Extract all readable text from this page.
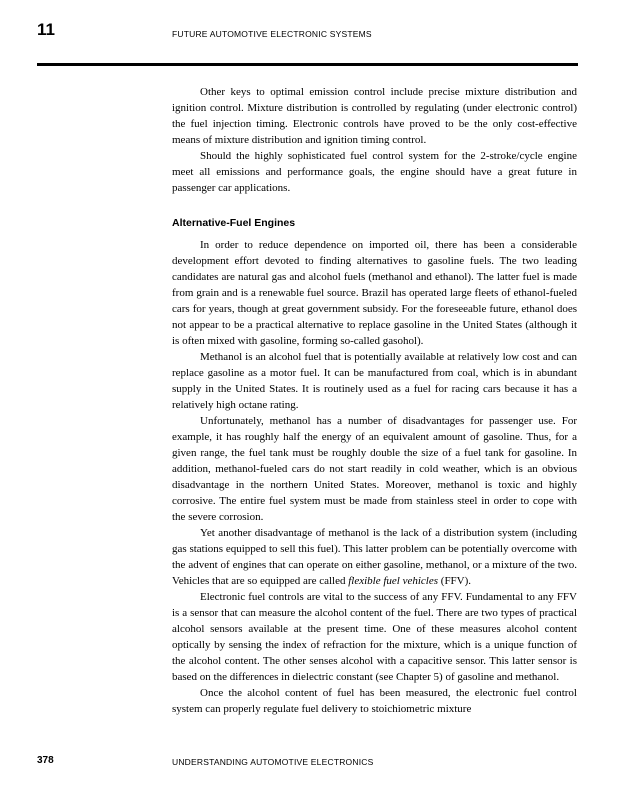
11	FUTURE AUTOMOTIVE ELECTRONIC SYSTEMS

Other keys to optimal emission control include precise mixture distribution and ignition control. Mixture distribution is controlled by regulating (under electronic control) the fuel injection timing. Electronic controls have proved to be the only cost-effective means of mixture distribution and ignition timing control.

Should the highly sophisticated fuel control system for the 2-stroke/cycle engine meet all emissions and performance goals, the engine should have a great future in passenger car applications.

Alternative-Fuel Engines

In order to reduce dependence on imported oil, there has been a considerable development effort devoted to finding alternatives to gasoline fuels. The two leading candidates are natural gas and alcohol fuels (methanol and ethanol). The latter fuel is made from grain and is a renewable fuel source. Brazil has operated large fleets of ethanol-fueled cars for years, though at great government subsidy. For the foreseeable future, ethanol does not appear to be a practical alternative to replace gasoline in the United States (although it is often mixed with gasoline, forming so-called gasohol).

Methanol is an alcohol fuel that is potentially available at relatively low cost and can replace gasoline as a motor fuel. It can be manufactured from coal, which is in abundant supply in the United States. It is routinely used as a fuel for racing cars because it has a relatively high octane rating.

Unfortunately, methanol has a number of disadvantages for passenger use. For example, it has roughly half the energy of an equivalent amount of gasoline. Thus, for a given range, the fuel tank must be roughly double the size of a fuel tank for gasoline. In addition, methanol-fueled cars do not start readily in cold weather, which is an obvious disadvantage in the northern United States. Moreover, methanol is toxic and highly corrosive. The entire fuel system must be made from stainless steel in order to cope with the severe corrosion.

Yet another disadvantage of methanol is the lack of a distribution system (including gas stations equipped to sell this fuel). This latter problem can be potentially overcome with the advent of engines that can operate on either gasoline, methanol, or a mixture of the two. Vehicles that are so equipped are called flexible fuel vehicles (FFV).

Electronic fuel controls are vital to the success of any FFV. Fundamental to any FFV is a sensor that can measure the alcohol content of the fuel. There are two types of practical alcohol sensors available at the present time. One of these measures alcohol content optically by sensing the index of refraction for the mixture, which is a unique function of the alcohol content. The other senses alcohol with a capacitive sensor. This latter sensor is based on the differences in dielectric constant (see Chapter 5) of gasoline and methanol.

Once the alcohol content of fuel has been measured, the electronic fuel control system can properly regulate fuel delivery to stoichiometric mixture

378	UNDERSTANDING AUTOMOTIVE ELECTRONICS
